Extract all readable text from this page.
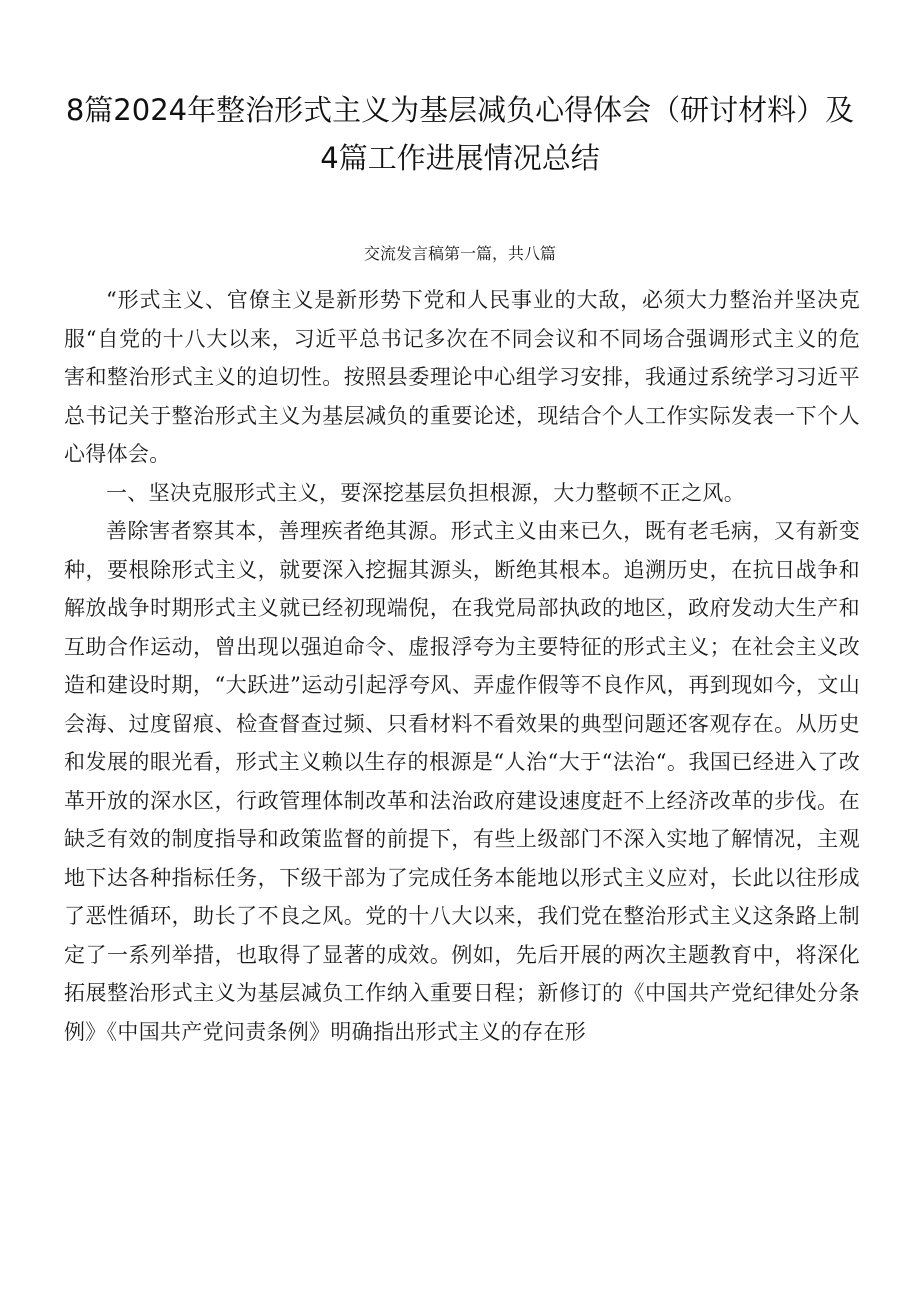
8篇2024年整治形式主义为基层减负心得体会（研讨材料）及4篇工作进展情况总结
交流发言稿第一篇，共八篇

“形式主义、官僚主义是新形势下党和人民事业的大敌，必须大力整治并坚决克服“自党的十八大以来，习近平总书记多次在不同会议和不同场合强调形式主义的危害和整治形式主义的迫切性。按照县委理论中心组学习安排，我通过系统学习习近平总书记关于整治形式主义为基层减负的重要论述，现结合个人工作实际发表一下个人心得体会。

一、坚决克服形式主义，要深挖基层负担根源，大力整顿不正之风。

善除害者察其本，善理疾者绝其源。形式主义由来已久，既有老毛病，又有新变种，要根除形式主义，就要深入挖掘其源头，断绝其根本。追溯历史，在抗日战争和解放战争时期形式主义就已经初现端倪，在我党局部执政的地区，政府发动大生产和互助合作运动，曾出现以强迫命令、虚报浮夸为主要特征的形式主义；在社会主义改造和建设时期，“大跃进”运动引起浮夸风、弄虚作假等不良作风，再到现如今，文山会海、过度留痕、检查督查过频、只看材料不看效果的典型问题还客观存在。从历史和发展的眼光看，形式主义赖以生存的根源是“人治“大于“法治“。我国已经进入了改革开放的深水区，行政管理体制改革和法治政府建设速度赶不上经济改革的步伐。在缺乏有效的制度指导和政策监督的前提下，有些上级部门不深入实地了解情况，主观地下达各种指标任务，下级干部为了完成任务本能地以形式主义应对，长此以往形成了恶性循环，助长了不良之风。党的十八大以来，我们党在整治形式主义这条路上制定了一系列举措，也取得了显著的成效。例如，先后开展的两次主题教育中，将深化拓展整治形式主义为基层减负工作纳入重要日程；新修订的《中国共产党纪律处分条例》《中国共产党问责条例》明确指出形式主义的存在形
